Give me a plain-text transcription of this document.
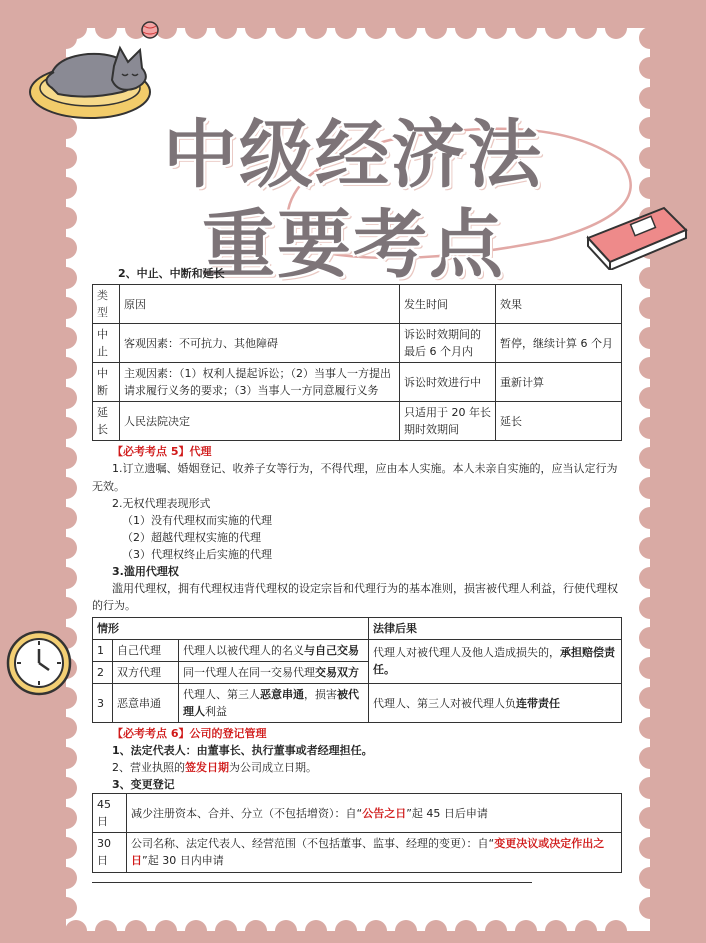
中级经济法
重要考点
2、中止、中断和延长
类型	原因	发生时间	效果
中止	客观因素：不可抗力、其他障碍	诉讼时效期间的最后 6 个月内	暂停，继续计算 6 个月
中断	主观因素：（1）权利人提起诉讼；（2）当事人一方提出请求履行义务的要求；（3）当事人一方同意履行义务	诉讼时效进行中	重新计算
延长	人民法院决定	只适用于 20 年长期时效期间	延长
【必考考点 5】代理
1.订立遗嘱、婚姻登记、收养子女等行为，不得代理，应由本人实施。本人未亲自实施的，应当认定行为无效。
2.无权代理表现形式
（1）没有代理权而实施的代理
（2）超越代理权实施的代理
（3）代理权终止后实施的代理
3.滥用代理权
滥用代理权，拥有代理权违背代理权的设定宗旨和代理行为的基本准则，损害被代理人利益，行使代理权的行为。
情形			法律后果
1	自己代理	代理人以被代理人的名义与自己交易	代理人对被代理人及他人造成损失的，承担赔偿责任。
2	双方代理	同一代理人在同一交易代理交易双方	
3	恶意串通	代理人、第三人恶意串通，损害被代理人利益	代理人、第三人对被代理人负连带责任
【必考考点 6】公司的登记管理
1、法定代表人：由董事长、执行董事或者经理担任。
2、营业执照的签发日期为公司成立日期。
3、变更登记
45 日	减少注册资本、合并、分立（不包括增资）：自“公告之日”起 45 日后申请
30 日	公司名称、法定代表人、经营范围（不包括董事、监事、经理的变更）：自“变更决议或决定作出之日”起 30 日内申请
